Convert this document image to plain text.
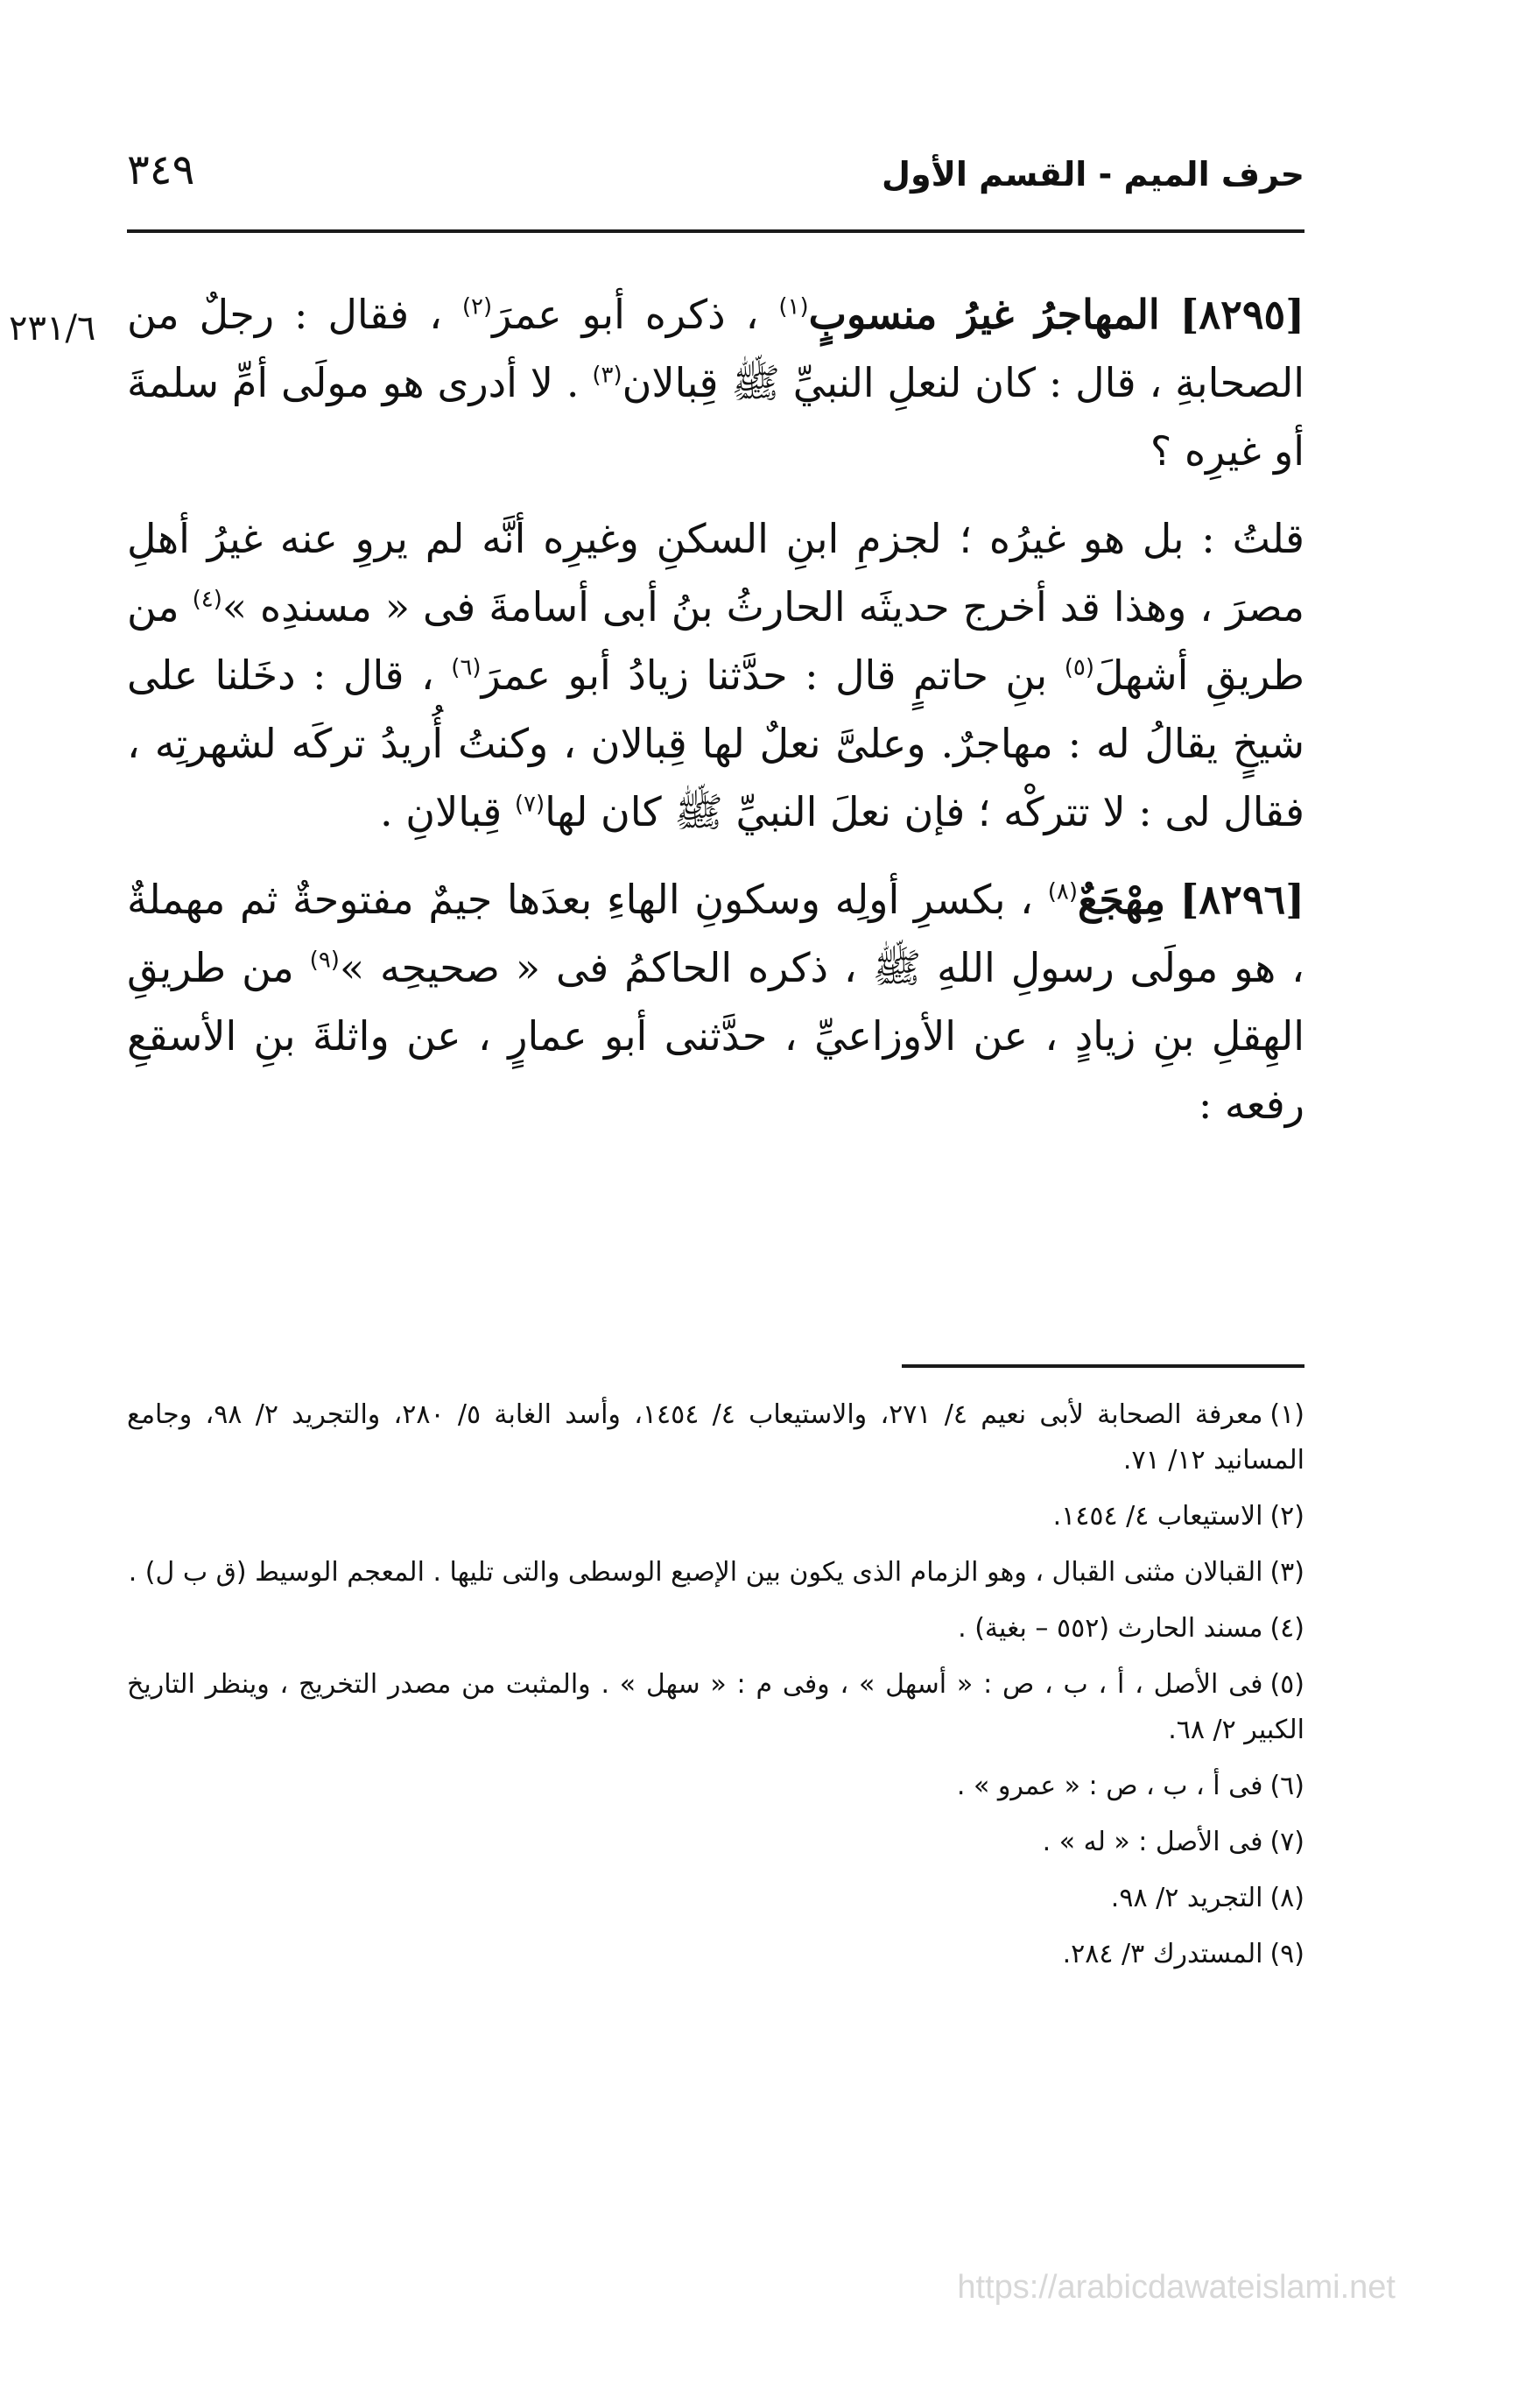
حرف الميم - القسم الأول
٣٤٩
٢٣١/٦	[٨٢٩٥] المهاجرُ غيرُ منسوبٍ$^{(١)}$ ، ذكره أبو عمرَ$^{(٢)}$ ، فقال : رجلٌ من الصحابةِ ، قال : كان لنعلِ النبيِّ ﷺ قِبالان$^{(٣)}$ . لا أدرى هو مولَى أمِّ سلمةَ أو غيرِه ؟

قلتُ : بل هو غيرُه ؛ لجزمِ ابنِ السكنِ وغيرِه أنَّه لم يروِ عنه غيرُ أهلِ مصرَ ، وهذا قد أخرج حديثَه الحارثُ بنُ أبى أسامةَ فى « مسندِه »$^{(٤)}$ من طريقِ أشهلَ$^{(٥)}$ بنِ حاتمٍ قال : حدَّثنا زيادُ أبو عمرَ$^{(٦)}$ ، قال : دخَلنا على شيخٍ يقالُ له : مهاجرٌ. وعلىَّ نعلٌ لها قِبالان ، وكنتُ أُريدُ تركَه لشهرتِه ، فقال لى : لا تتركْه ؛ فإن نعلَ النبيِّ ﷺ كان لها$^{(٧)}$ قِبالانِ .

[٨٢٩٦] مِهْجَعٌ$^{(٨)}$ ، بكسرِ أولِه وسكونِ الهاءِ بعدَها جيمٌ مفتوحةٌ ثم مهملةٌ ، هو مولَى رسولِ اللهِ ﷺ ، ذكره الحاكمُ فى « صحيحِه »$^{(٩)}$ من طريقِ الهِقلِ بنِ زيادٍ ، عن الأوزاعيِّ ، حدَّثنى أبو عمارٍ ، عن واثلةَ بنِ الأسقعِ رفعه :

(١)معرفة الصحابة لأبى نعيم ٤/ ٢٧١، والاستيعاب ٤/ ١٤٥٤، وأسد الغابة ٥/ ٢٨٠، والتجريد ٢/ ٩٨، وجامع المسانيد ١٢/ ٧١.
(٢)الاستيعاب ٤/ ١٤٥٤.
(٣)القبالان مثنى القبال ، وهو الزمام الذى يكون بين الإصبع الوسطى والتى تليها . المعجم الوسيط (ق ب ل) .
(٤)مسند الحارث (٥٥٢ – بغية) .
(٥)فى الأصل ، أ ، ب ، ص : « أسهل » ، وفى م : « سهل » . والمثبت من مصدر التخريج ، وينظر التاريخ الكبير ٢/ ٦٨.
(٦)فى أ ، ب ، ص : « عمرو » .
(٧)فى الأصل : « له » .
(٨)التجريد ٢/ ٩٨.
(٩)المستدرك ٣/ ٢٨٤.
https://arabicdawateislami.net
